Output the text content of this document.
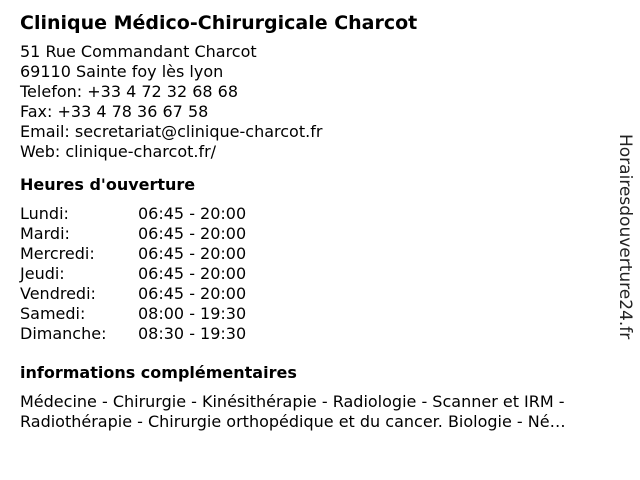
Clinique Médico-Chirurgicale Charcot
51 Rue Commandant Charcot
69110 Sainte foy lès lyon
Telefon: +33 4 72 32 68 68
Fax: +33 4 78 36 67 58
Email: secretariat@clinique-charcot.fr
Web: clinique-charcot.fr/
Heures d'ouverture
Lundi:	06:45 - 20:00
Mardi:	06:45 - 20:00
Mercredi:	06:45 - 20:00
Jeudi:	06:45 - 20:00
Vendredi:	06:45 - 20:00
Samedi:	08:00 - 19:30
Dimanche:	08:30 - 19:30
informations complémentaires
Médecine - Chirurgie - Kinésithérapie - Radiologie - Scanner et IRM -
Radiothérapie - Chirurgie orthopédique et du cancer. Biologie - Né…
Horairesdouverture24.fr
